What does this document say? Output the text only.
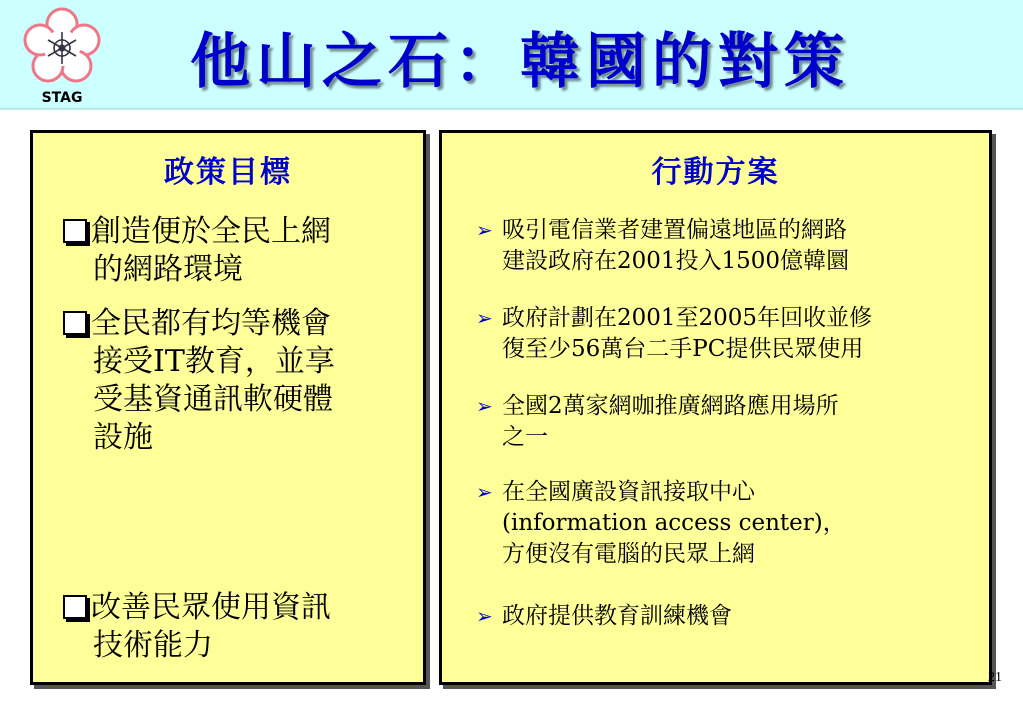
STAG
他山之石：韓國的對策
政策目標
創造便於全民上網
的網路環境
全民都有均等機會
接受IT教育，並享
受基資通訊軟硬體
設施
改善民眾使用資訊
技術能力
行動方案
➢ 吸引電信業者建置偏遠地區的網路
建設政府在2001投入1500億韓圜
➢ 政府計劃在2001至2005年回收並修
復至少56萬台二手PC提供民眾使用
➢ 全國2萬家網咖推廣網路應用場所
之一
➢ 在全國廣設資訊接取中心
(information access center)，
方便沒有電腦的民眾上網
➢ 政府提供教育訓練機會
21
